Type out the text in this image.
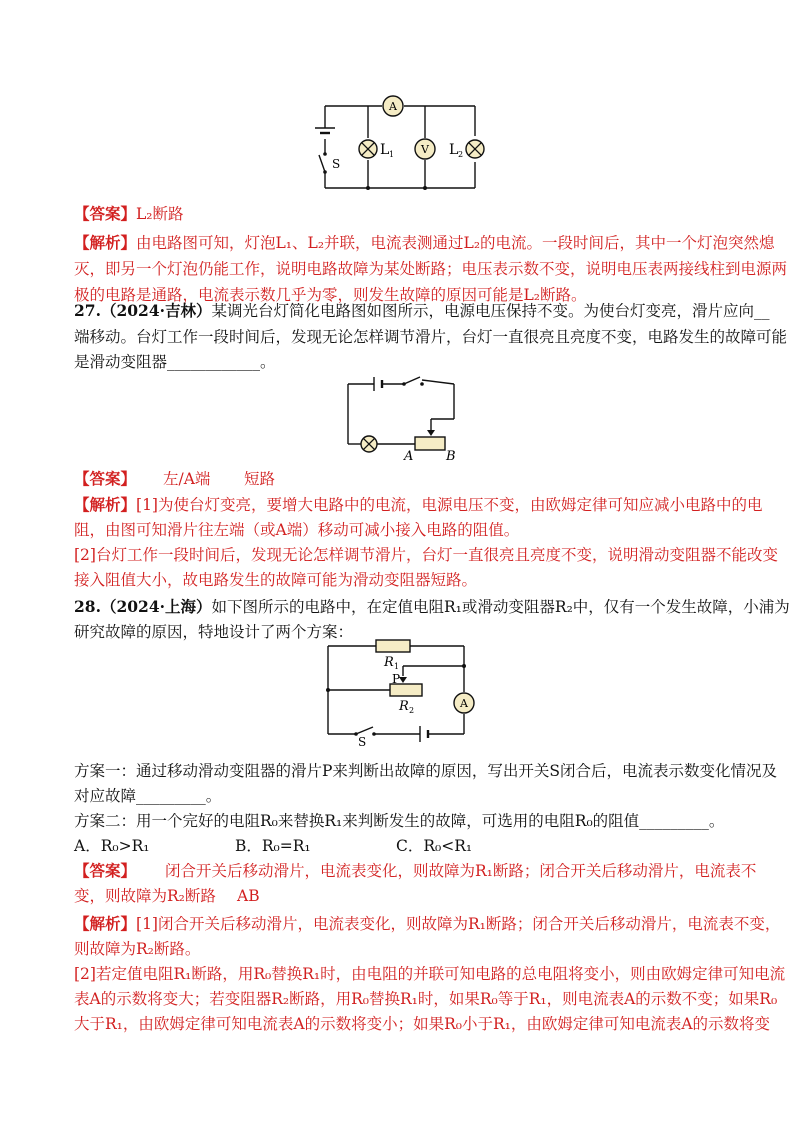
A
V
L 1	L 2
S
【答案】L₂断路
【解析】由电路图可知，灯泡L₁、L₂并联，电流表测通过L₂的电流。一段时间后，其中一个灯泡突然熄
灭，即另一个灯泡仍能工作，说明电路故障为某处断路；电压表示数不变，说明电压表两接线柱到电源两
极的电路是通路，电流表示数几乎为零，则发生故障的原因可能是L₂断路。
27.（2024·吉林）某调光台灯简化电路图如图所示，电源电压保持不变。为使台灯变亮，滑片应向__
端移动。台灯工作一段时间后，发现无论怎样调节滑片，台灯一直很亮且亮度不变，电路发生的故障可能
是滑动变阻器____________。
A	B
【答案】 左/A端 短路
【解析】[1]为使台灯变亮，要增大电路中的电流，电源电压不变，由欧姆定律可知应减小电路中的电
阻，由图可知滑片往左端（或A端）移动可减小接入电路的阻值。
[2]台灯工作一段时间后，发现无论怎样调节滑片，台灯一直很亮且亮度不变，说明滑动变阻器不能改变
接入阻值大小，故电路发生的故障可能为滑动变阻器短路。
28.（2024·上海）如下图所示的电路中，在定值电阻R₁或滑动变阻器R₂中，仅有一个发生故障，小浦为
研究故障的原因，特地设计了两个方案：
A
S
R 1
P
R 2
方案一：通过移动滑动变阻器的滑片P来判断出故障的原因，写出开关S闭合后，电流表示数变化情况及
对应故障_________。
方案二：用一个完好的电阻R₀来替换R₁来判断发生的故障，可选用的电阻R₀的阻值_________。
A．R₀>R₁	B．R₀=R₁	C．R₀<R₁
【答案】 闭合开关后移动滑片，电流表变化，则故障为R₁断路；闭合开关后移动滑片，电流表不
变，则故障为R₂断路 AB
【解析】[1]闭合开关后移动滑片，电流表变化，则故障为R₁断路；闭合开关后移动滑片，电流表不变，
则故障为R₂断路。
[2]若定值电阻R₁断路，用R₀替换R₁时，由电阻的并联可知电路的总电阻将变小，则由欧姆定律可知电流
表A的示数将变大；若变阻器R₂断路，用R₀替换R₁时，如果R₀等于R₁，则电流表A的示数不变；如果R₀
大于R₁，由欧姆定律可知电流表A的示数将变小；如果R₀小于R₁，由欧姆定律可知电流表A的示数将变
